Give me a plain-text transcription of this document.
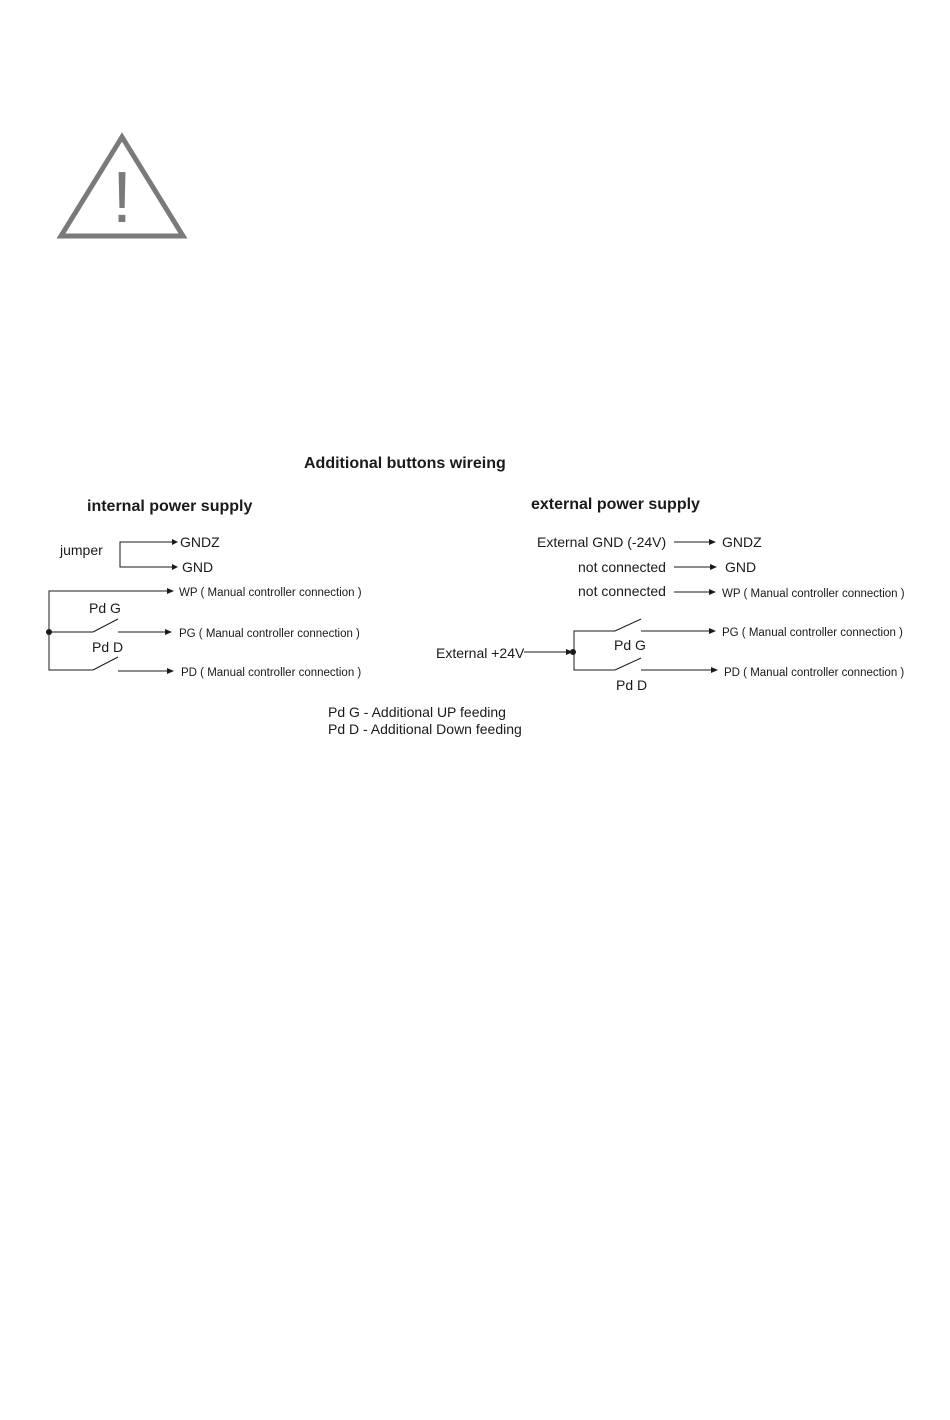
!
Additional buttons wireing
internal power supply
jumper	GNDZ
GND
Pd G
Pd D
WP ( Manual controller connection )
PG ( Manual controller connection )
PD ( Manual controller connection )
external power supply
External GND (-24V)	GNDZ
not connected	GND
not connected	WP ( Manual controller connection )
External +24V	Pd G
Pd D
PG ( Manual controller connection )
PD ( Manual controller connection )
Pd G - Additional UP feeding
Pd D - Additional Down feeding
